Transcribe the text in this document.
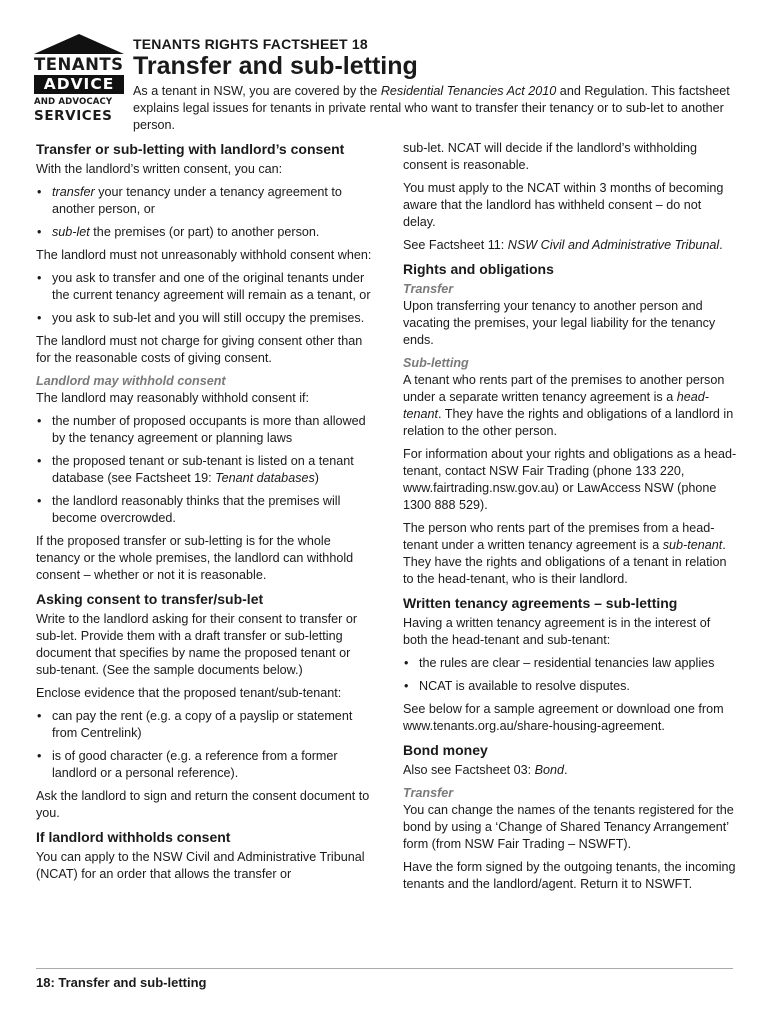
TENANTS
ADVICE
AND ADVOCACY
SERVICES
TENANTS RIGHTS FACTSHEET 18
Transfer and sub-letting
As a tenant in NSW, you are covered by the Residential Tenancies Act 2010 and Regulation. This factsheet explains legal issues for tenants in private rental who want to transfer their tenancy or to sub-let to another person.
Transfer or sub-letting with landlord’s consent

With the landlord’s written consent, you can:

• transfer your tenancy under a tenancy agreement to another person, or
• sub-let the premises (or part) to another person.

The landlord must not unreasonably withhold consent when:

• you ask to transfer and one of the original tenants under the current tenancy agreement will remain as a tenant, or
• you ask to sub-let and you will still occupy the premises.

The landlord must not charge for giving consent other than for the reasonable costs of giving consent.

Landlord may withhold consent

The landlord may reasonably withhold consent if:

• the number of proposed occupants is more than allowed by the tenancy agreement or planning laws
• the proposed tenant or sub-tenant is listed on a tenant database (see Factsheet 19: Tenant databases)
• the landlord reasonably thinks that the premises will become overcrowded.

If the proposed transfer or sub-letting is for the whole tenancy or the whole premises, the landlord can withhold consent – whether or not it is reasonable.

Asking consent to transfer/sub-let

Write to the landlord asking for their consent to transfer or sub-let. Provide them with a draft transfer or sub-letting document that specifies by name the proposed tenant or sub-tenant. (See the sample documents below.)

Enclose evidence that the proposed tenant/sub-tenant:

• can pay the rent (e.g. a copy of a payslip or statement from Centrelink)
• is of good character (e.g. a reference from a former landlord or a personal reference).

Ask the landlord to sign and return the consent document to you.

If landlord withholds consent

You can apply to the NSW Civil and Administrative Tribunal (NCAT) for an order that allows the transfer or

sub-let. NCAT will decide if the landlord’s withholding consent is reasonable.

You must apply to the NCAT within 3 months of becoming aware that the landlord has withheld consent – do not delay.

See Factsheet 11: NSW Civil and Administrative Tribunal.

Rights and obligations
Transfer

Upon transferring your tenancy to another person and vacating the premises, your legal liability for the tenancy ends.

Sub-letting

A tenant who rents part of the premises to another person under a separate written tenancy agreement is a head-tenant. They have the rights and obligations of a landlord in relation to the other person.

For information about your rights and obligations as a head-tenant, contact NSW Fair Trading (phone 133 220, www.fairtrading.nsw.gov.au) or LawAccess NSW (phone 1300 888 529).

The person who rents part of the premises from a head-tenant under a written tenancy agreement is a sub-tenant. They have the rights and obligations of a tenant in relation to the head-tenant, who is their landlord.

Written tenancy agreements – sub-letting

Having a written tenancy agreement is in the interest of both the head-tenant and sub-tenant:

• the rules are clear – residential tenancies law applies
• NCAT is available to resolve disputes.

See below for a sample agreement or download one from www.tenants.org.au/share-housing-agreement.

Bond money

Also see Factsheet 03: Bond.

Transfer

You can change the names of the tenants registered for the bond by using a ‘Change of Shared Tenancy Arrangement’ form (from NSW Fair Trading – NSWFT).

Have the form signed by the outgoing tenants, the incoming tenants and the landlord/agent. Return it to NSWFT.

18: Transfer and sub-letting
